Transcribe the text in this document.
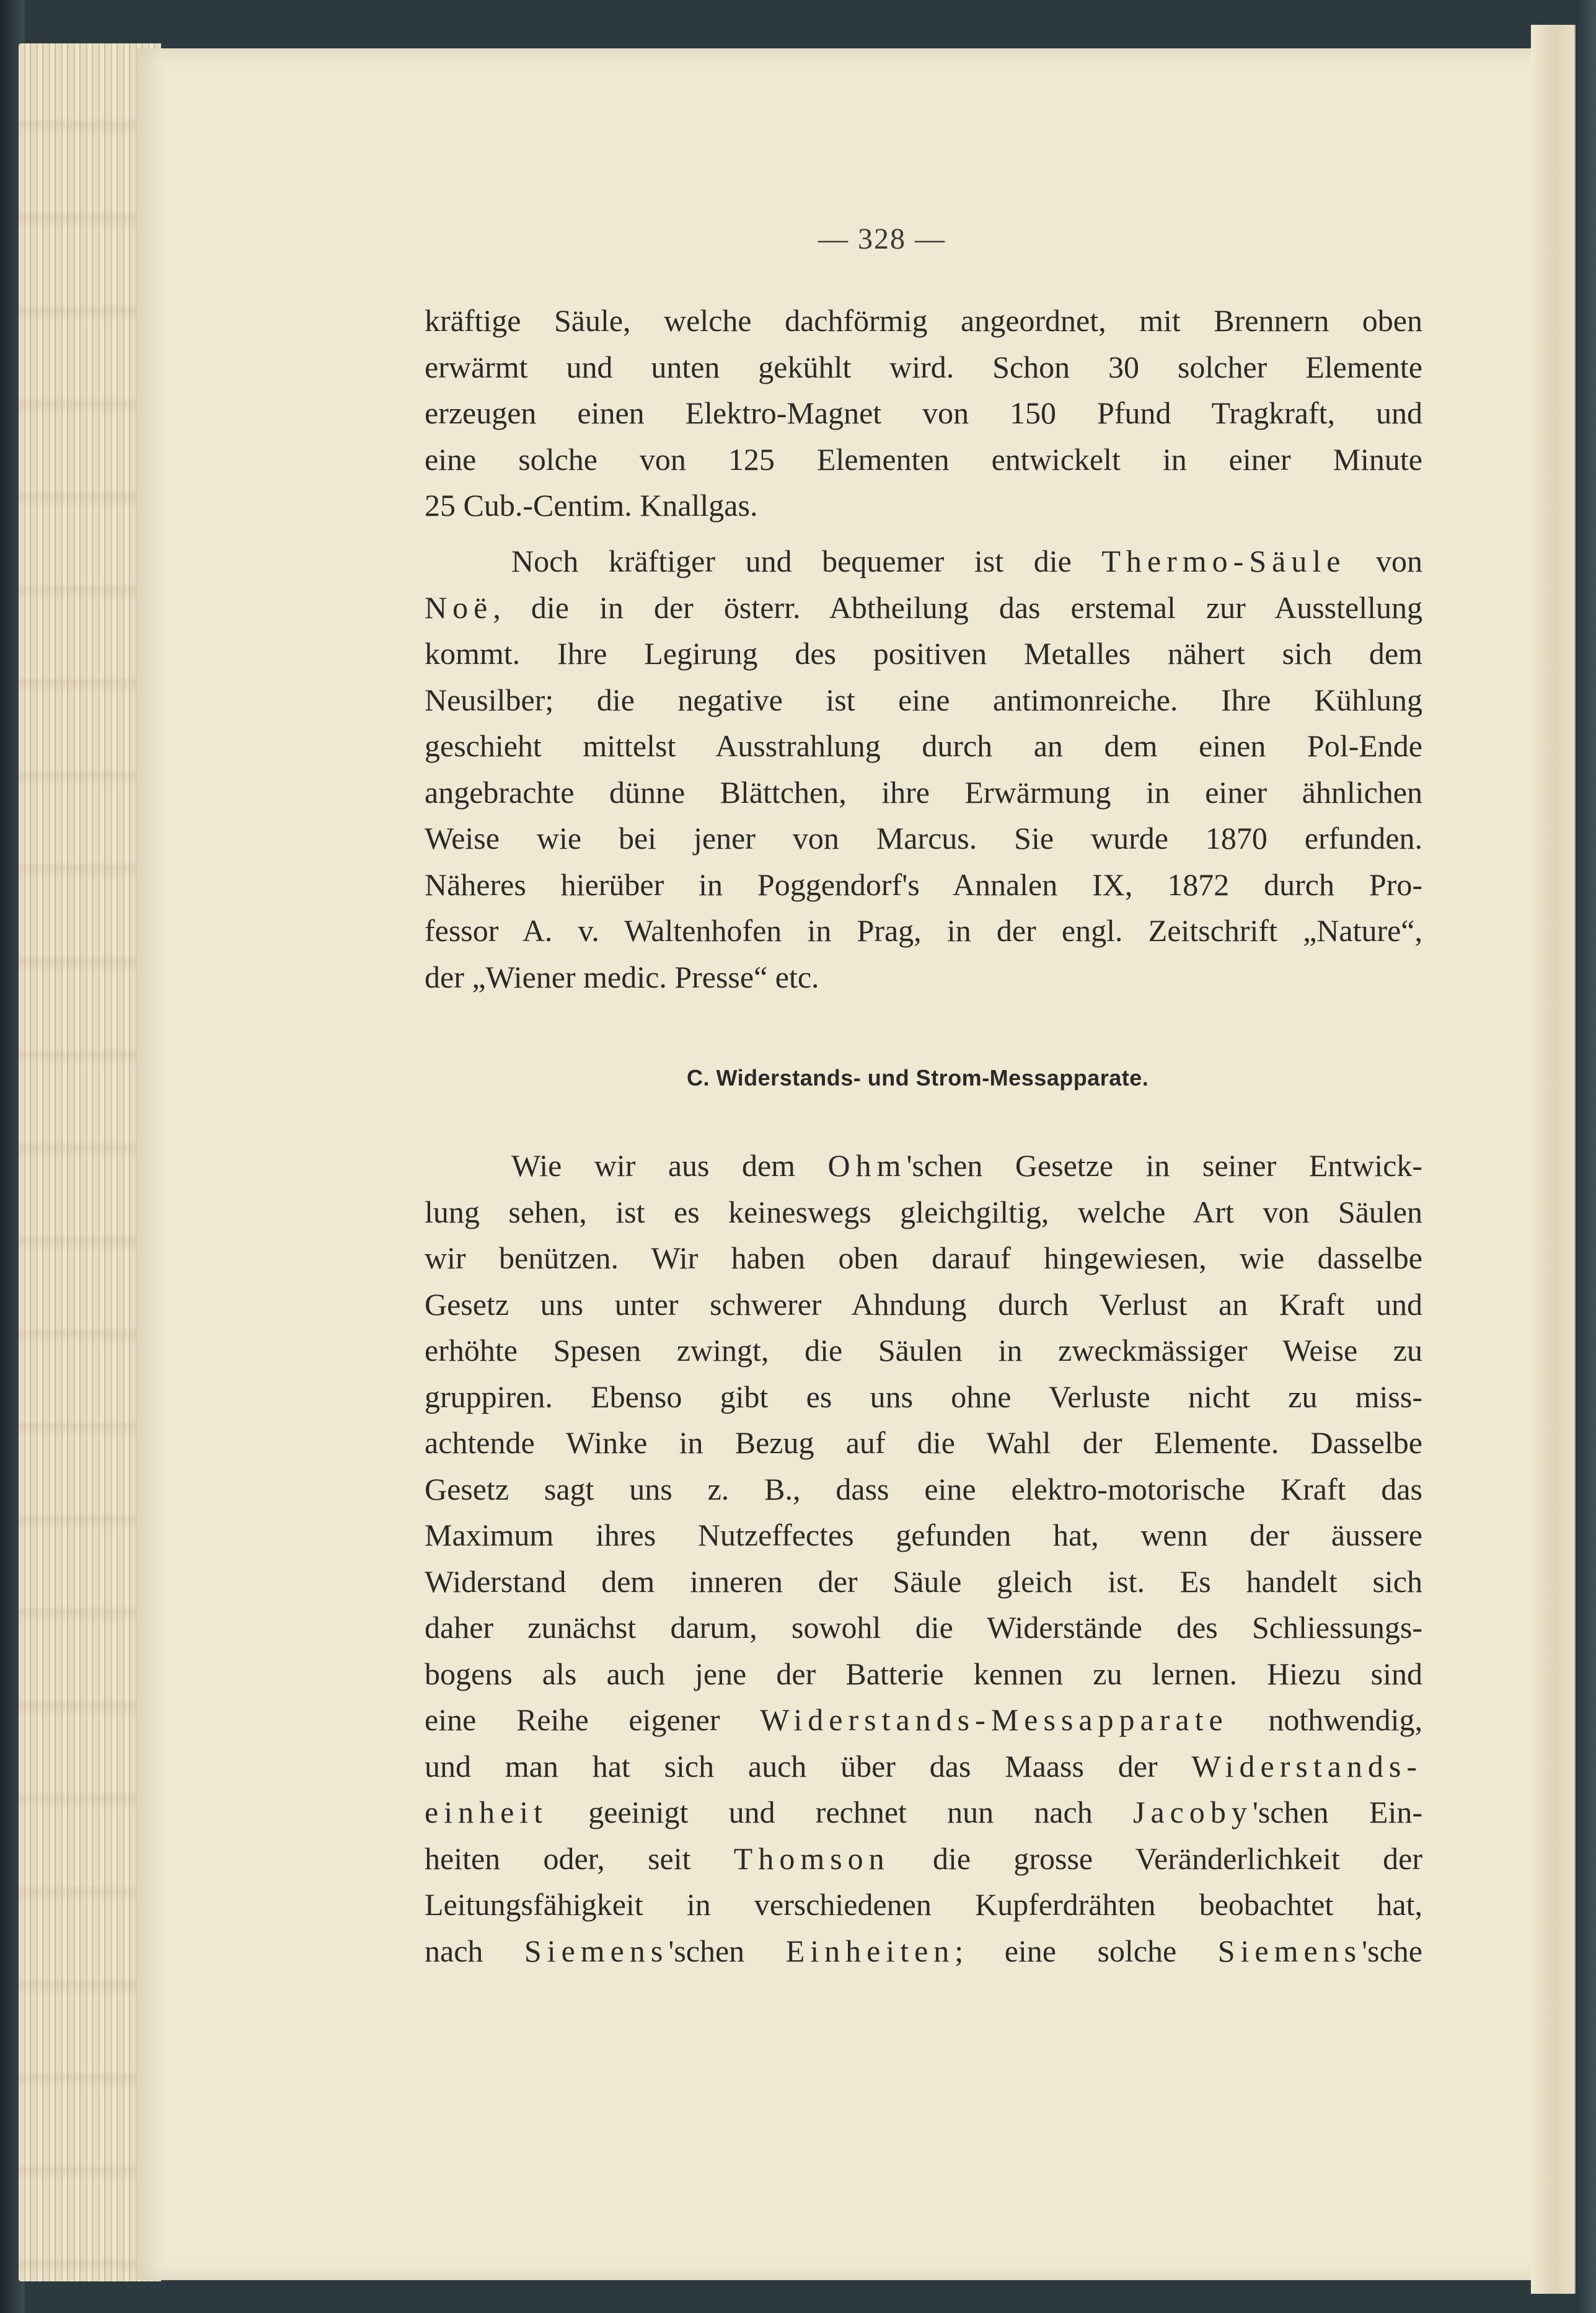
— 328 —
kräftige Säule, welche dachförmig angeordnet, mit Brennern oben
erwärmt und unten gekühlt wird. Schon 30 solcher Elemente
erzeugen einen Elektro-Magnet von 150 Pfund Tragkraft, und
eine solche von 125 Elementen entwickelt in einer Minute
25 Cub.-Centim. Knallgas.
Noch kräftiger und bequemer ist die Thermo-Säule von
Noë, die in der österr. Abtheilung das erstemal zur Ausstellung
kommt. Ihre Legirung des positiven Metalles nähert sich dem
Neusilber; die negative ist eine antimonreiche. Ihre Kühlung
geschieht mittelst Ausstrahlung durch an dem einen Pol-Ende
angebrachte dünne Blättchen, ihre Erwärmung in einer ähnlichen
Weise wie bei jener von Marcus. Sie wurde 1870 erfunden.
Näheres hierüber in Poggendorf's Annalen IX, 1872 durch Pro-
fessor A. v. Waltenhofen in Prag, in der engl. Zeitschrift „Nature“,
der „Wiener medic. Presse“ etc.
C. Widerstands- und Strom-Messapparate.
Wie wir aus dem Ohm'schen Gesetze in seiner Entwick-
lung sehen, ist es keineswegs gleichgiltig, welche Art von Säulen
wir benützen. Wir haben oben darauf hingewiesen, wie dasselbe
Gesetz uns unter schwerer Ahndung durch Verlust an Kraft und
erhöhte Spesen zwingt, die Säulen in zweckmässiger Weise zu
gruppiren. Ebenso gibt es uns ohne Verluste nicht zu miss-
achtende Winke in Bezug auf die Wahl der Elemente. Dasselbe
Gesetz sagt uns z. B., dass eine elektro-motorische Kraft das
Maximum ihres Nutzeffectes gefunden hat, wenn der äussere
Widerstand dem inneren der Säule gleich ist. Es handelt sich
daher zunächst darum, sowohl die Widerstände des Schliessungs-
bogens als auch jene der Batterie kennen zu lernen. Hiezu sind
eine Reihe eigener Widerstands-Messapparate nothwendig,
und man hat sich auch über das Maass der Widerstands-
einheit geeinigt und rechnet nun nach Jacoby'schen Ein-
heiten oder, seit Thomson die grosse Veränderlichkeit der
Leitungsfähigkeit in verschiedenen Kupferdrähten beobachtet hat,
nach Siemens'schen Einheiten; eine solche Siemens'sche
